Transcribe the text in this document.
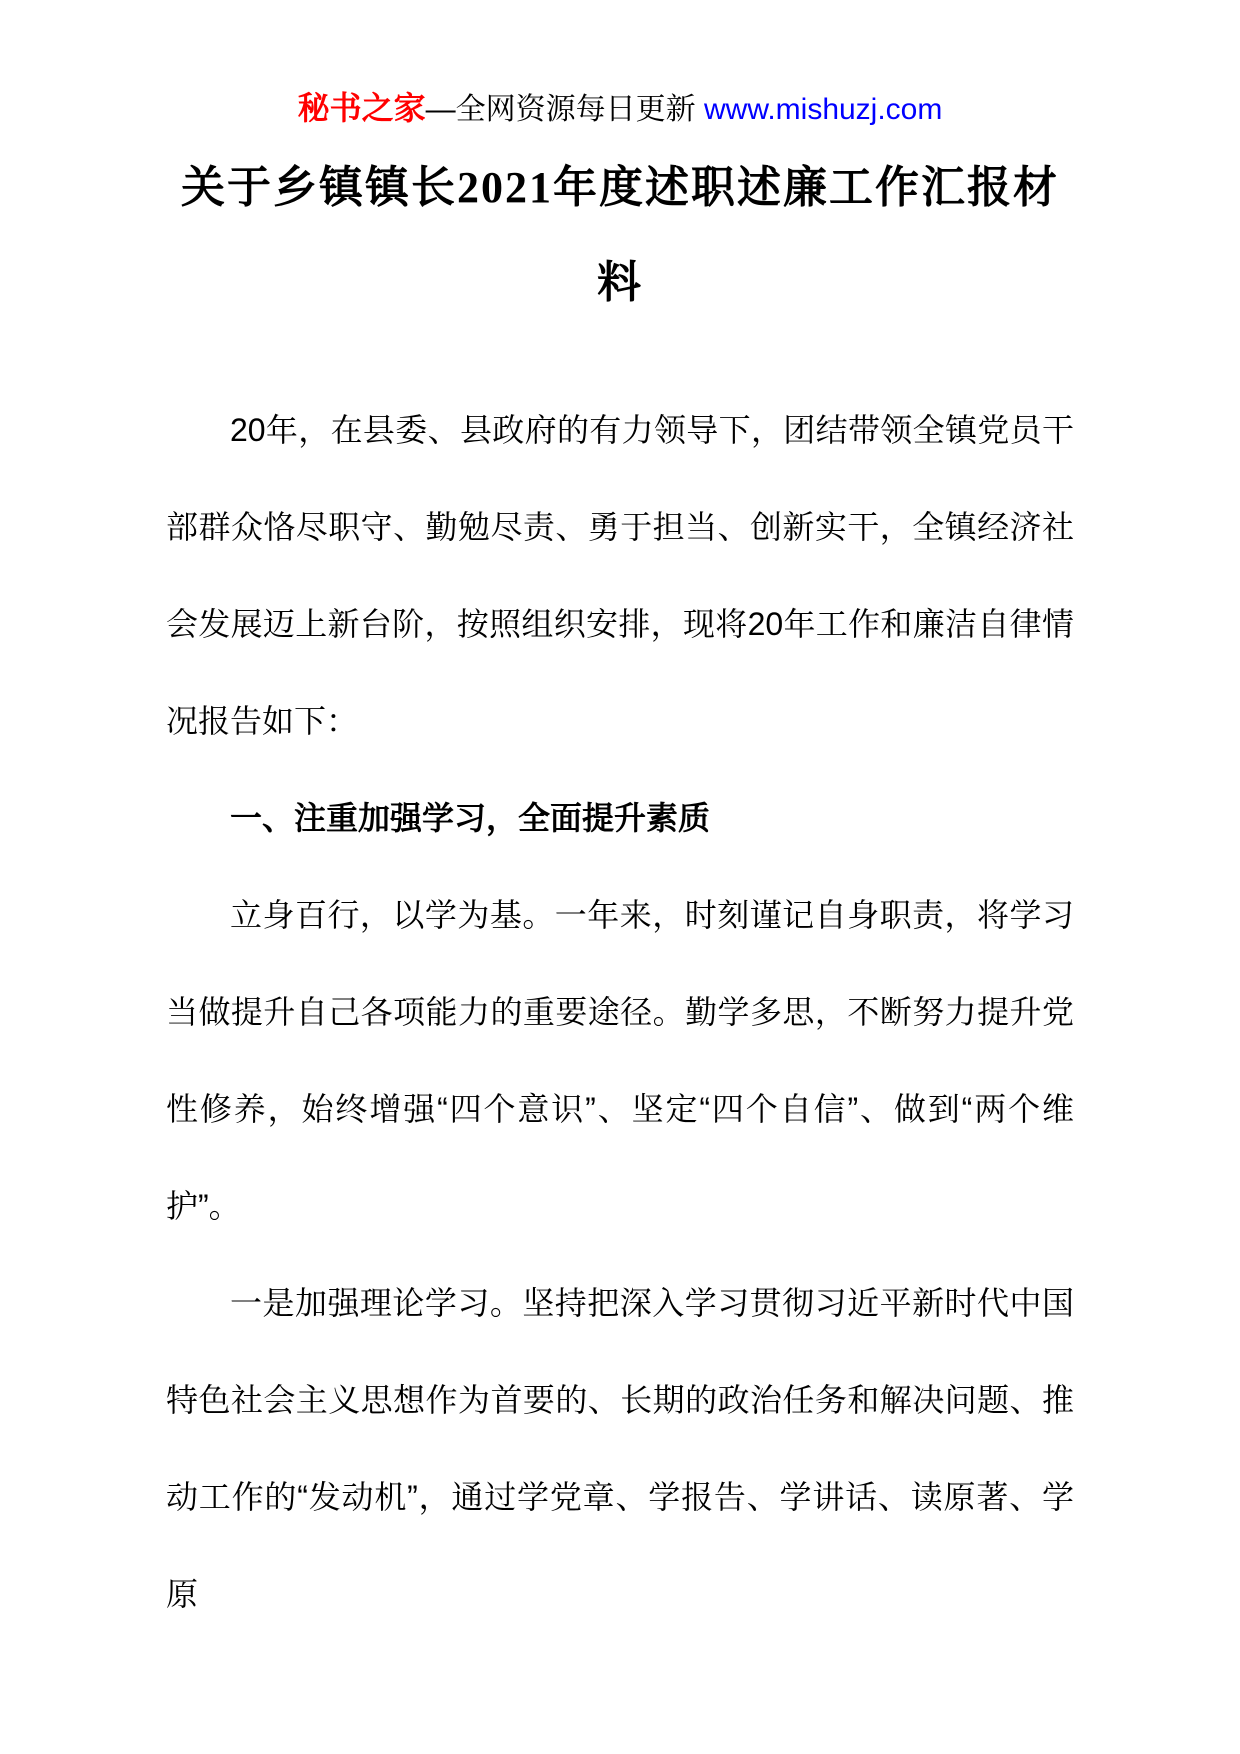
秘书之家—全网资源每日更新 www.mishuzj.com
关于乡镇镇长2021年度述职述廉工作汇报材料

20年，在县委、县政府的有力领导下，团结带领全镇党员干部群众恪尽职守、勤勉尽责、勇于担当、创新实干，全镇经济社会发展迈上新台阶，按照组织安排，现将20年工作和廉洁自律情况报告如下：

一、注重加强学习，全面提升素质

立身百行，以学为基。一年来，时刻谨记自身职责，将学习当做提升自己各项能力的重要途径。勤学多思，不断努力提升党性修养，始终增强“四个意识”、坚定“四个自信”、做到“两个维护”。

一是加强理论学习。坚持把深入学习贯彻习近平新时代中国特色社会主义思想作为首要的、长期的政治任务和解决问题、推动工作的“发动机”，通过学党章、学报告、学讲话、读原著、学原
